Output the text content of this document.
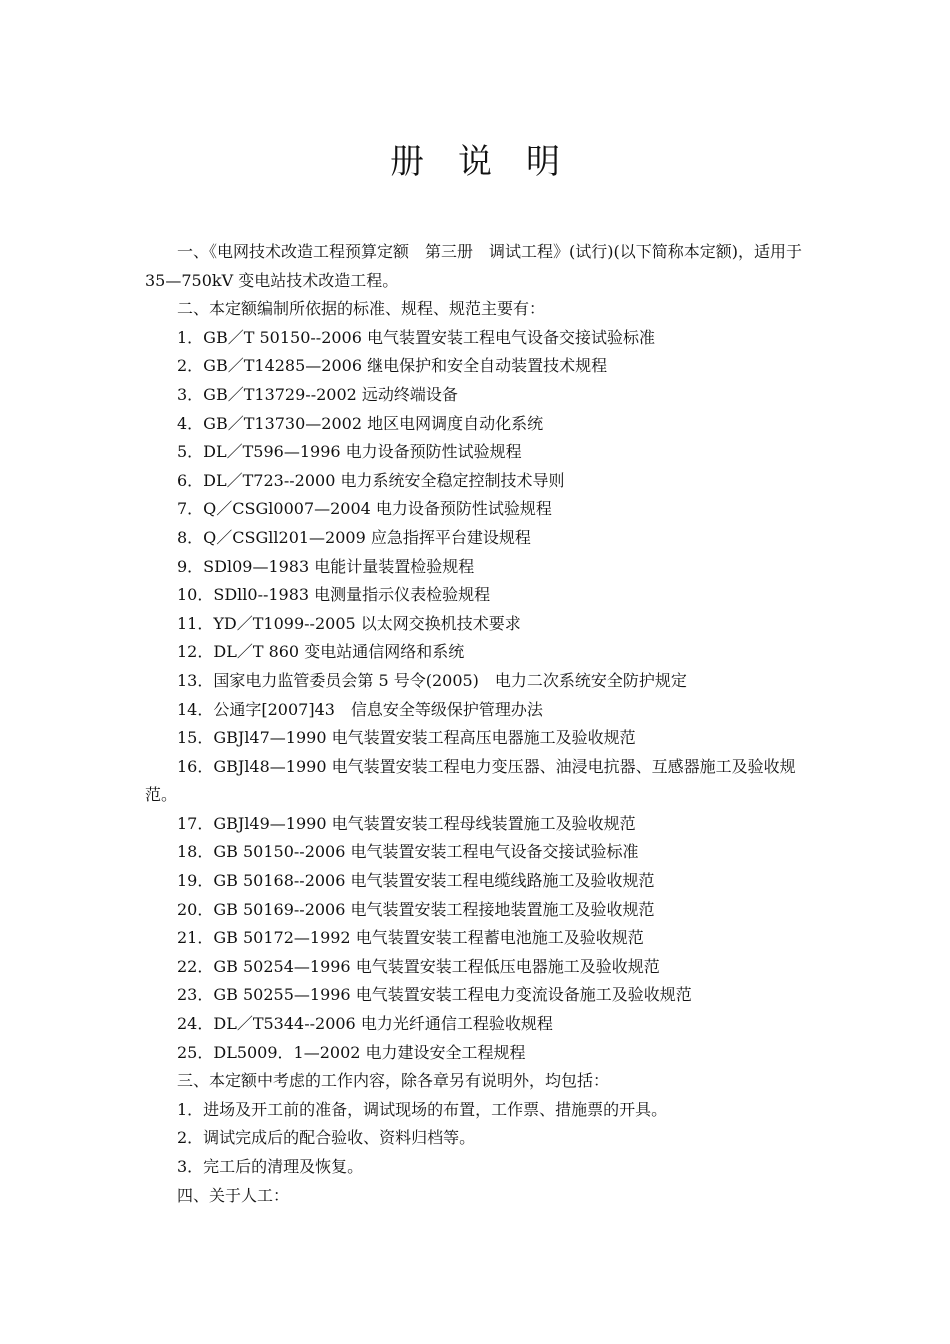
册　说　明

一、《电网技术改造工程预算定额　第三册　调试工程》(试行)(以下简称本定额)，适用于 35—750kV 变电站技术改造工程。

二、本定额编制所依据的标准、规程、规范主要有：

1．GB／T 50150--2006 电气装置安装工程电气设备交接试验标准

2．GB／T14285—2006 继电保护和安全自动装置技术规程

3．GB／T13729--2002 远动终端设备

4．GB／T13730—2002 地区电网调度自动化系统

5．DL／T596—1996 电力设备预防性试验规程

6．DL／T723--2000 电力系统安全稳定控制技术导则

7．Q／CSGl0007—2004 电力设备预防性试验规程

8．Q／CSGll201—2009 应急指挥平台建设规程

9．SDl09—1983 电能计量装置检验规程

10．SDll0--1983 电测量指示仪表检验规程

11．YD／T1099--2005 以太网交换机技术要求

12．DL／T 860 变电站通信网络和系统

13．国家电力监管委员会第 5 号令(2005)　电力二次系统安全防护规定

14．公通字[2007]43　信息安全等级保护管理办法

15．GBJl47—1990 电气装置安装工程高压电器施工及验收规范

16．GBJl48—1990 电气装置安装工程电力变压器、油浸电抗器、互感器施工及验收规范。

17．GBJl49—1990 电气装置安装工程母线装置施工及验收规范

18．GB 50150--2006 电气装置安装工程电气设备交接试验标准

19．GB 50168--2006 电气装置安装工程电缆线路施工及验收规范

20．GB 50169--2006 电气装置安装工程接地装置施工及验收规范

21．GB 50172—1992 电气装置安装工程蓄电池施工及验收规范

22．GB 50254—1996 电气装置安装工程低压电器施工及验收规范

23．GB 50255—1996 电气装置安装工程电力变流设备施工及验收规范

24．DL／T5344--2006 电力光纤通信工程验收规程

25．DL5009．1—2002 电力建设安全工程规程

三、本定额中考虑的工作内容，除各章另有说明外，均包括：

1．进场及开工前的准备，调试现场的布置，工作票、措施票的开具。

2．调试完成后的配合验收、资料归档等。

3．完工后的清理及恢复。

四、关于人工：
